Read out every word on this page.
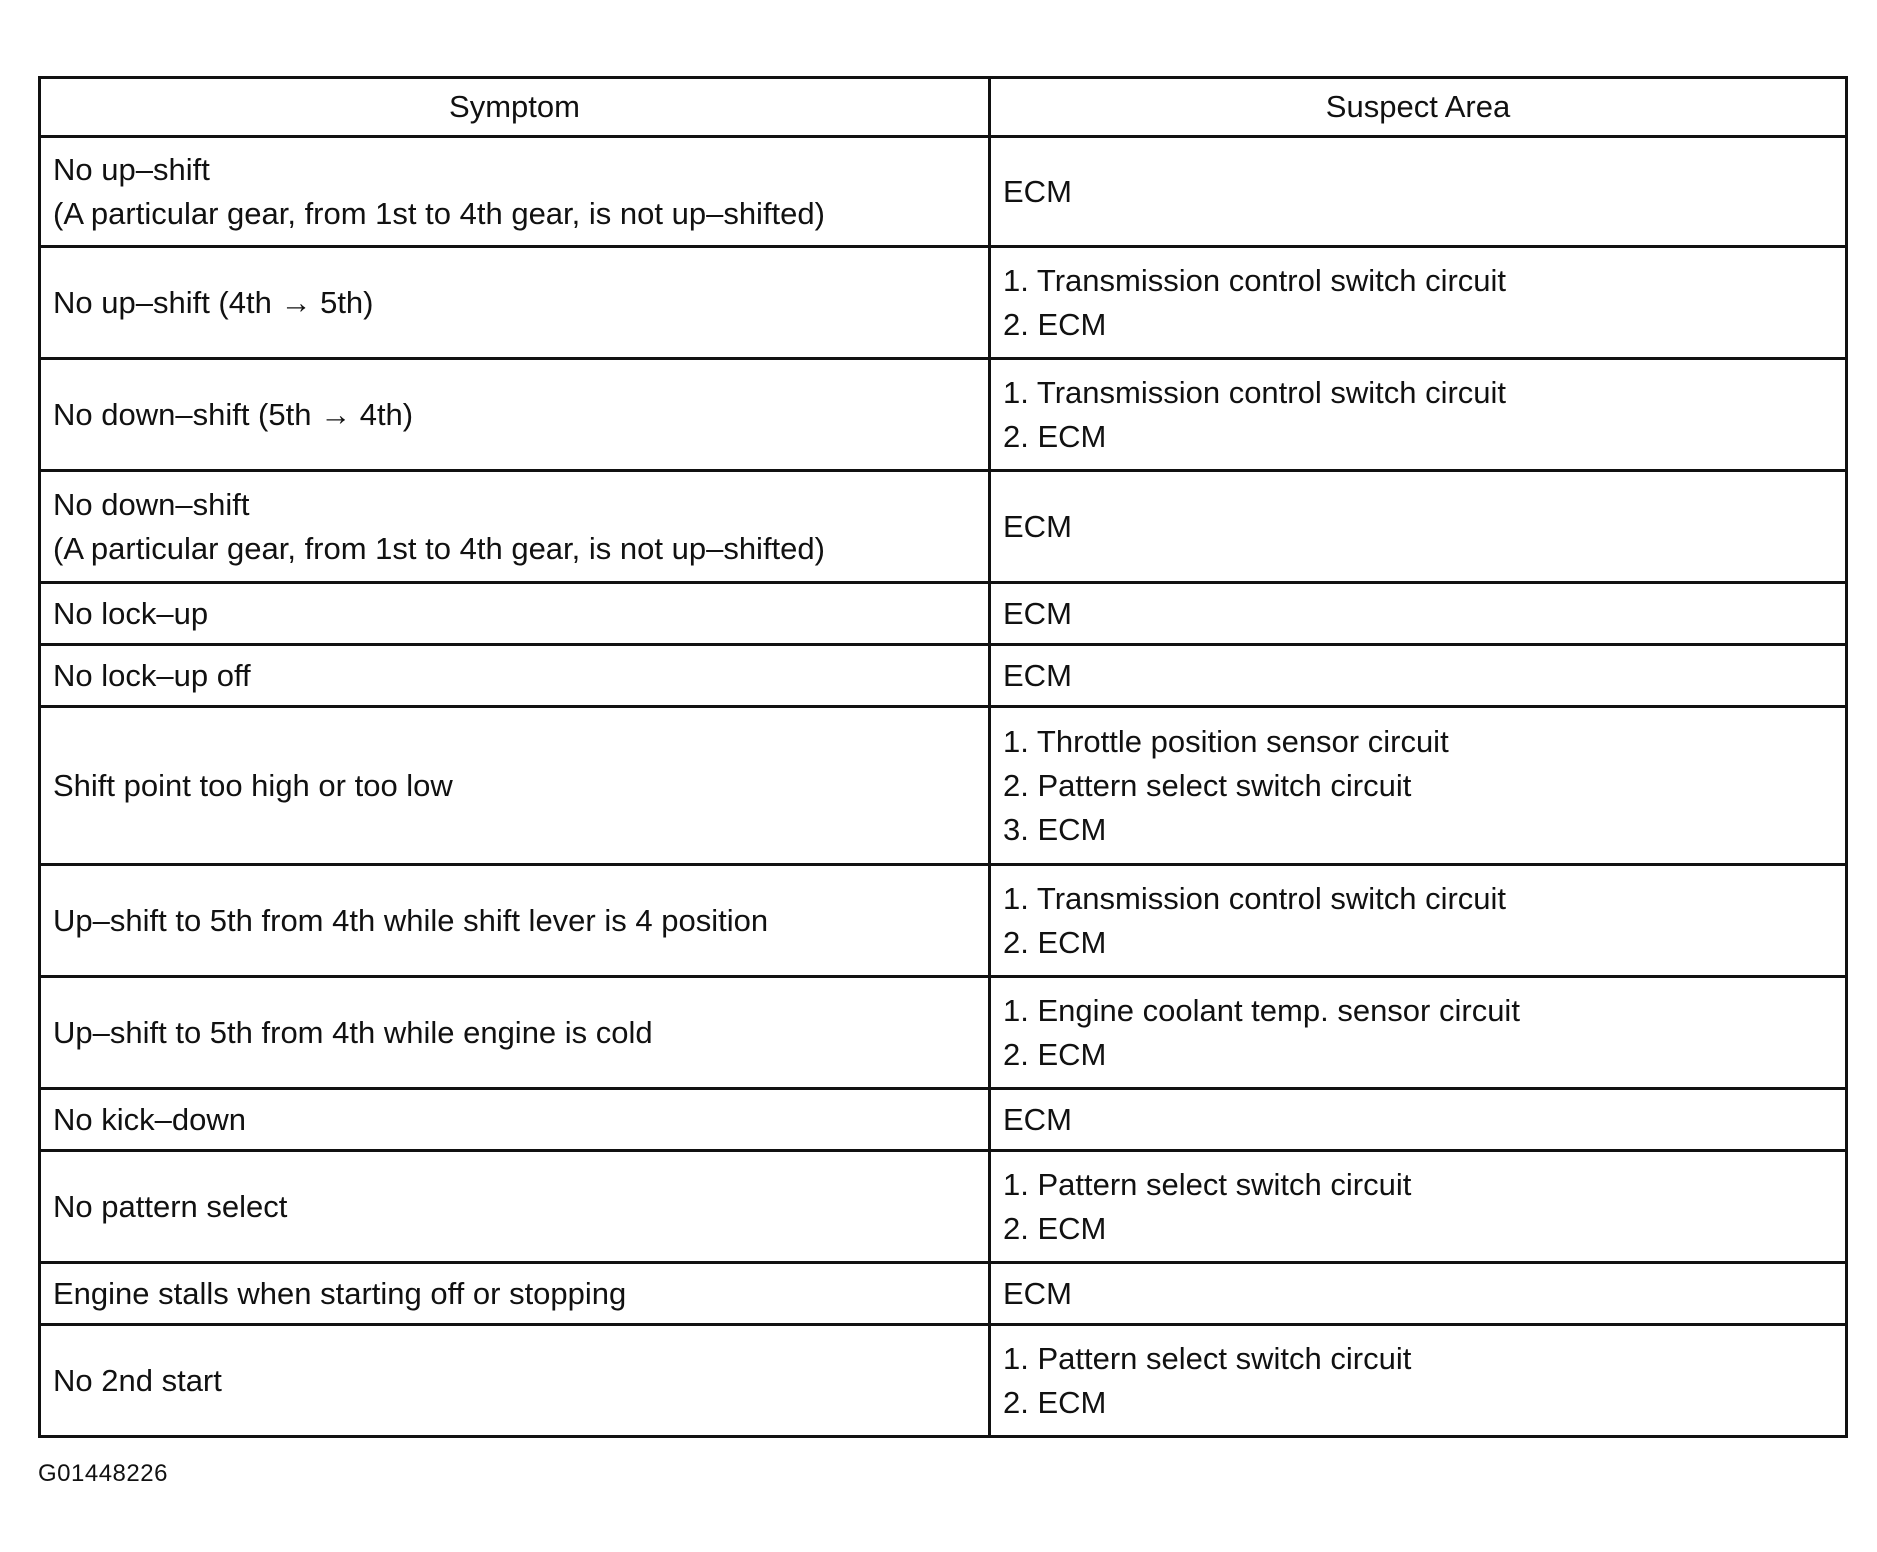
Symptom	Suspect Area

No up–shift
(A particular gear, from 1st to 4th gear, is not up–shifted)	ECM

No up–shift (4th → 5th)	1. Transmission control switch circuit
2. ECM

No down–shift (5th → 4th)	1. Transmission control switch circuit
2. ECM

No down–shift
(A particular gear, from 1st to 4th gear, is not up–shifted)	ECM

No lock–up	ECM

No lock–up off	ECM

Shift point too high or too low	1. Throttle position sensor circuit
2. Pattern select switch circuit
3. ECM

Up–shift to 5th from 4th while shift lever is 4 position	1. Transmission control switch circuit
2. ECM

Up–shift to 5th from 4th while engine is cold	1. Engine coolant temp. sensor circuit
2. ECM

No kick–down	ECM

No pattern select	1. Pattern select switch circuit
2. ECM

Engine stalls when starting off or stopping	ECM

No 2nd start	1. Pattern select switch circuit
2. ECM
G01448226
